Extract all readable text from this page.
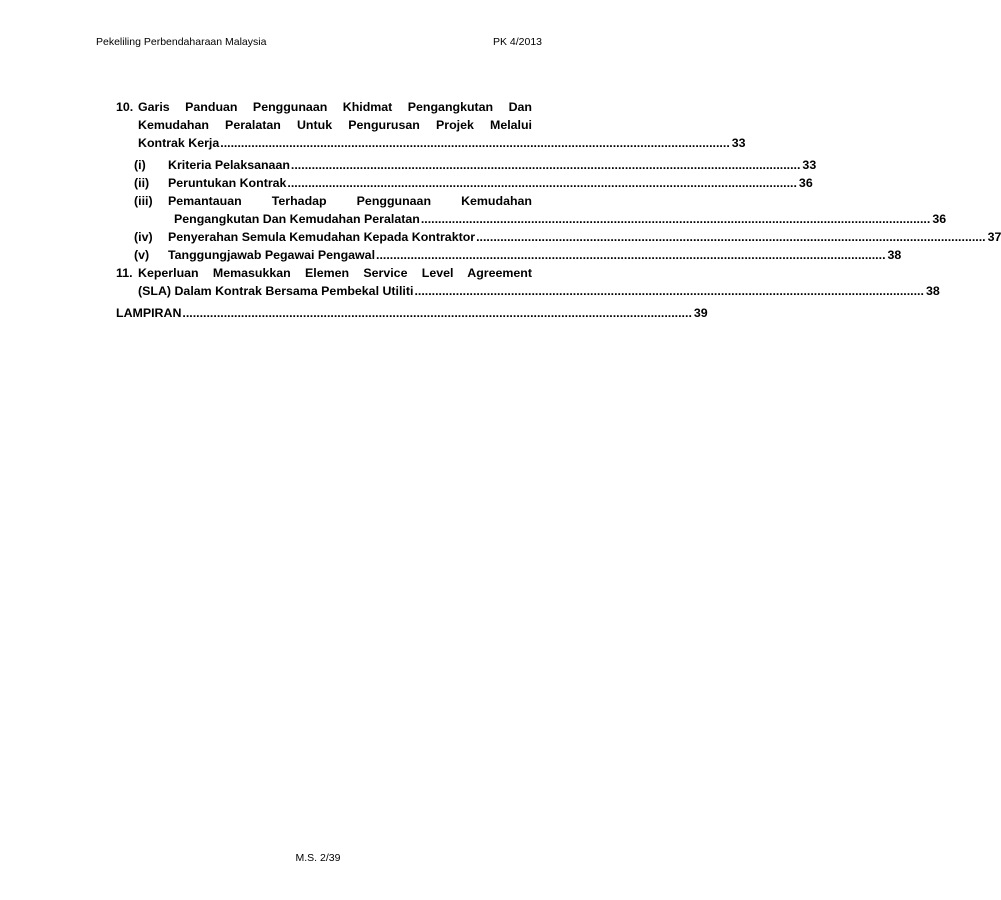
Pekeliling Perbendaharaan Malaysia	PK 4/2013
10. Garis Panduan Penggunaan Khidmat Pengangkutan Dan
Kemudahan Peralatan Untuk Pengurusan Projek Melalui
Kontrak Kerja .................................................................................................................................................... 33
(i) Kriteria Pelaksanaan .................................................................................................................................................... 33
(ii) Peruntukan Kontrak .................................................................................................................................................... 36
(iii) Pemantauan Terhadap Penggunaan Kemudahan
Pengangkutan Dan Kemudahan Peralatan .................................................................................................................................................... 36
(iv) Penyerahan Semula Kemudahan Kepada Kontraktor .................................................................................................................................................... 37
(v) Tanggungjawab Pegawai Pengawal .................................................................................................................................................... 38
11. Keperluan Memasukkan Elemen Service Level Agreement
(SLA) Dalam Kontrak Bersama Pembekal Utiliti .................................................................................................................................................... 38
LAMPIRAN .................................................................................................................................................... 39
M.S. 2/39
